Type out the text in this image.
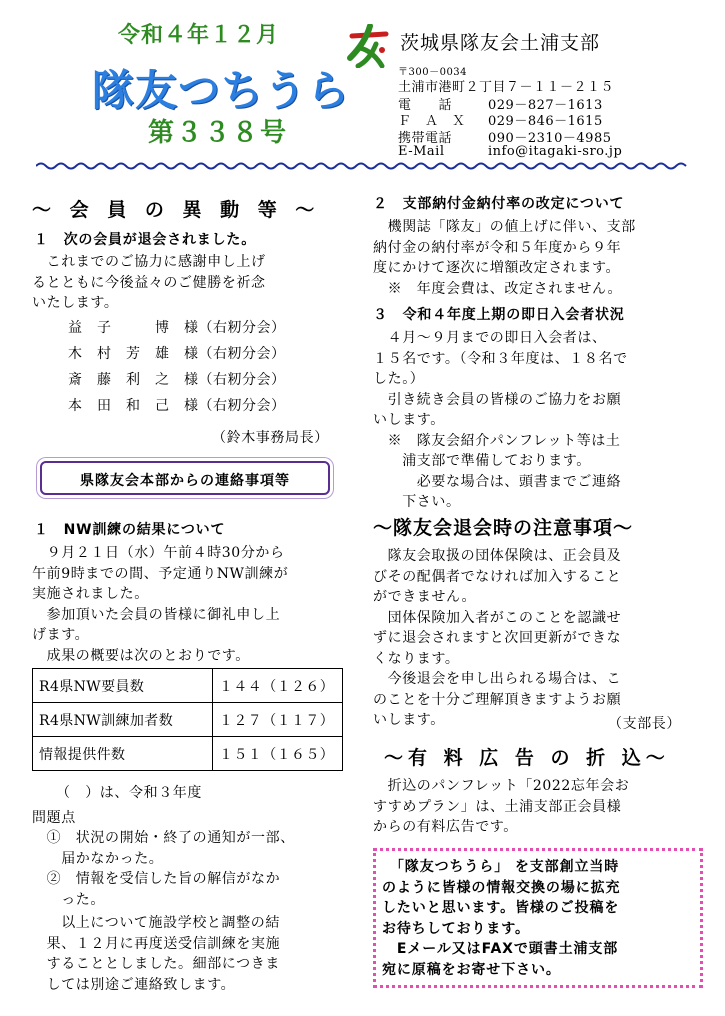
令和４年１２月
隊友つちうら
第３３８号
茨城県隊友会土浦支部
〒300－0034
土浦市港町２丁目７－１１－２１５
電　　話	029－827－1613
Ｆ　Ａ　Ｘ 029－846－1615
携帯電話	090－2310－4985
E-Mail	info@itagaki-sro.jp
～ 会 員 の 異 動 等 ～
１　次の会員が退会されました。
　これまでのご協力に感謝申し上げ
るとともに今後益々のご健勝を祈念
いたします。
益　子　　　博　様（右籾分会）
木　村　芳　雄　様（右籾分会）
斎　藤　利　之　様（右籾分会）
本　田　和　己　様（右籾分会）
（鈴木事務局長）
県隊友会本部からの連絡事項等
１　NW訓練の結果について
　９月２１日（水）午前４時30分から
午前9時までの間、予定通りNW訓練が
実施されました。
　参加頂いた会員の皆様に御礼申し上
げます。
　成果の概要は次のとおりです。
R4県NW要員数	１４４（１２６）
R4県NW訓練加者数	１２７（１１７）
情報提供件数	１５１（１６５）
（　）は、令和３年度
問題点
　①　状況の開始・終了の通知が一部、
　　届かなかった。
　②　情報を受信した旨の解信がなか
　　った。
　　以上について施設学校と調整の結
　果、１２月に再度送受信訓練を実施
　することとしました。細部につきま
　しては別途ご連絡致します。
２　支部納付金納付率の改定について
　機関誌「隊友」の値上げに伴い、支部
納付金の納付率が令和５年度から９年
度にかけて逐次に増額改定されます。
　※　年度会費は、改定されません。
３　令和４年度上期の即日入会者状況
　４月～９月までの即日入会者は、
１５名です。（令和３年度は、１８名で
した。）
　引き続き会員の皆様のご協力をお願
いします。
　※　隊友会紹介パンフレット等は土
　　浦支部で準備しております。
　　　必要な場合は、頭書までご連絡
　　下さい。
～隊友会退会時の注意事項～
　隊友会取扱の団体保険は、正会員及
びその配偶者でなければ加入すること
ができません。
　団体保険加入者がこのことを認識せ
ずに退会されますと次回更新ができな
くなります。
　今後退会を申し出られる場合は、こ
のことを十分ご理解頂きますようお願
いします。	（支部長）
～有 料 広 告 の 折 込～
　折込のパンフレット「2022忘年会お
すすめプラン」は、土浦支部正会員様
からの有料広告です。
　「隊友つちうら」 を支部創立当時
のように皆様の情報交換の場に拡充
したいと思います。皆様のご投稿を
お待ちしております。
　Eメール又はFAXで頭書土浦支部
宛に原稿をお寄せ下さい。
